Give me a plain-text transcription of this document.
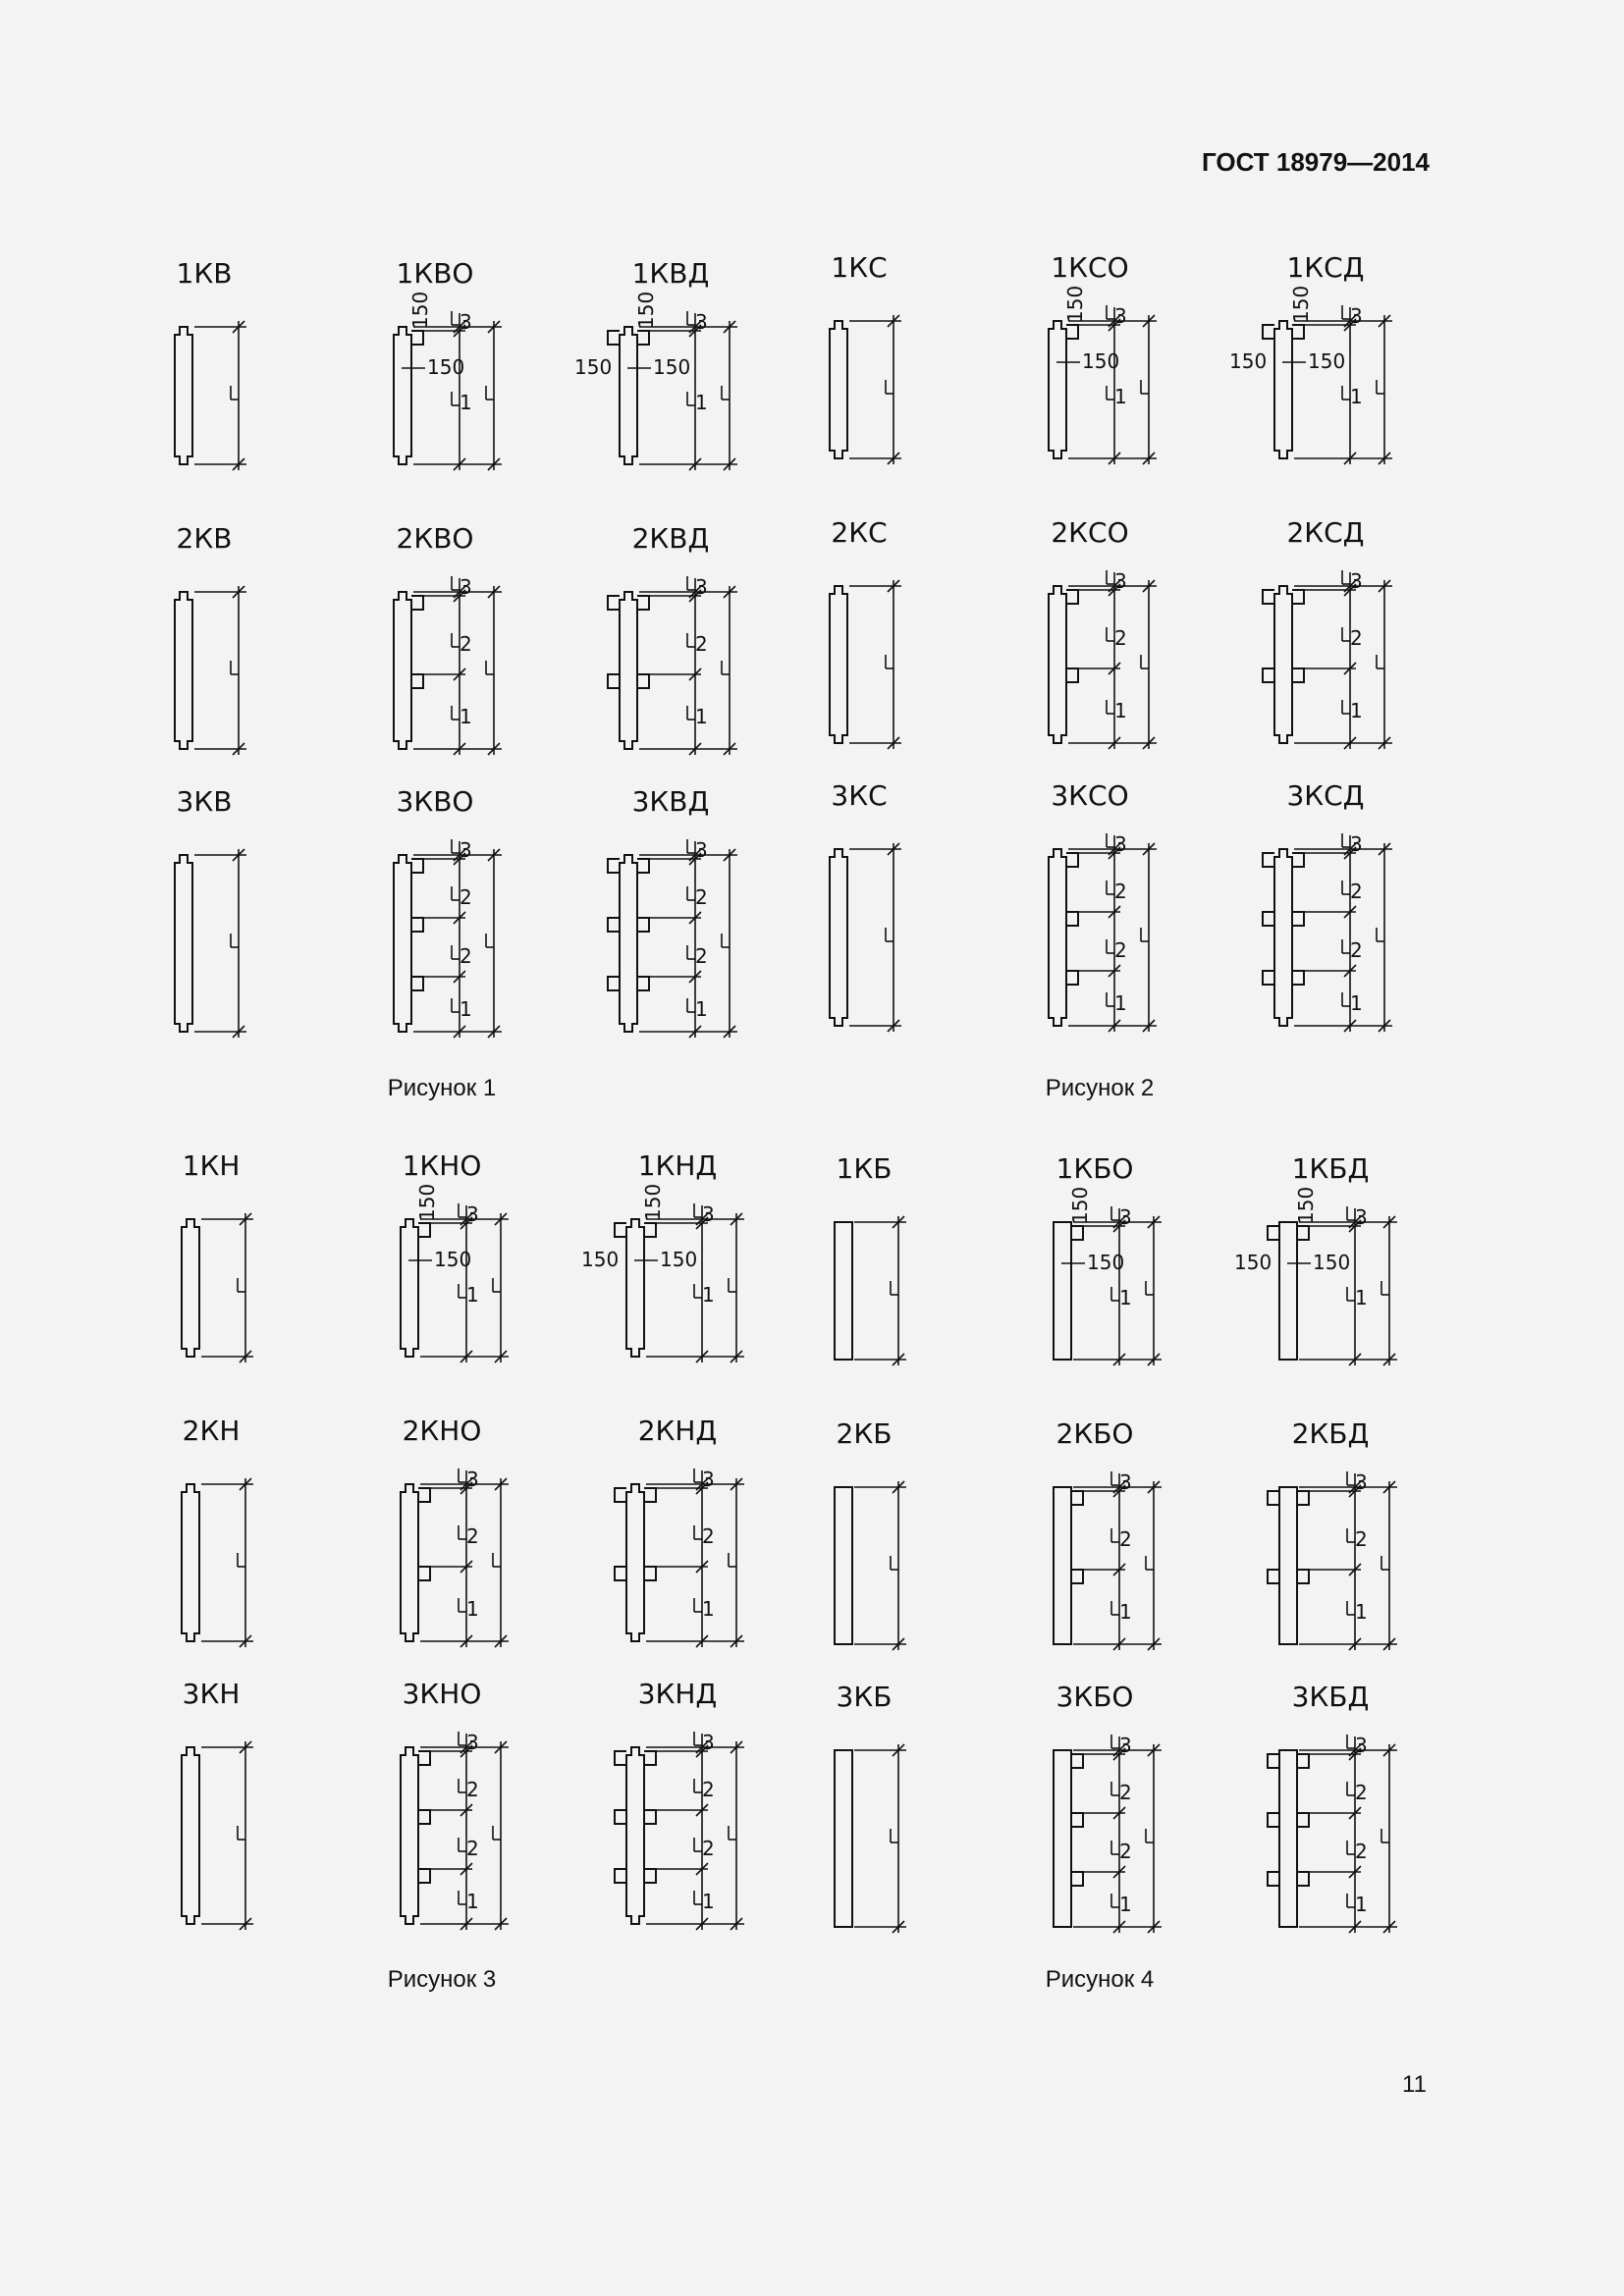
ГОСТ 18979—2014
1КВ	1КВО
3
1
150
150
1КВД
3
1
150
150
150
2КВ	2КВО
3
2
1
2КВД
3
2
1
3КВ	3КВО
3
2
2
1
3КВД
3
2
2
1
1КС	1КСО
3
1
150
150
1КСД
3
1
150
150
150
2КС	2КСО
3
2
1
2КСД
3
2
1
3КС	3КСО
3
2
2
1
3КСД
3
2
2
1
1КН	1КНО
3
1
150
150
1КНД
3
1
150
150
150
2КН	2КНО
3
2
1
2КНД
3
2
1
3КН	3КНО
3
2
2
1
3КНД
3
2
2
1
1КБ	1КБО
3
1
150
150
1КБД
3
1
150
150
150
2КБ	2КБО
3
2
1
2КБД
3
2
1
3КБ	3КБО
3
2
2
1
3КБД
3
2
2
1
Рисунок 1	Рисунок 2
Рисунок 3	Рисунок 4
11
